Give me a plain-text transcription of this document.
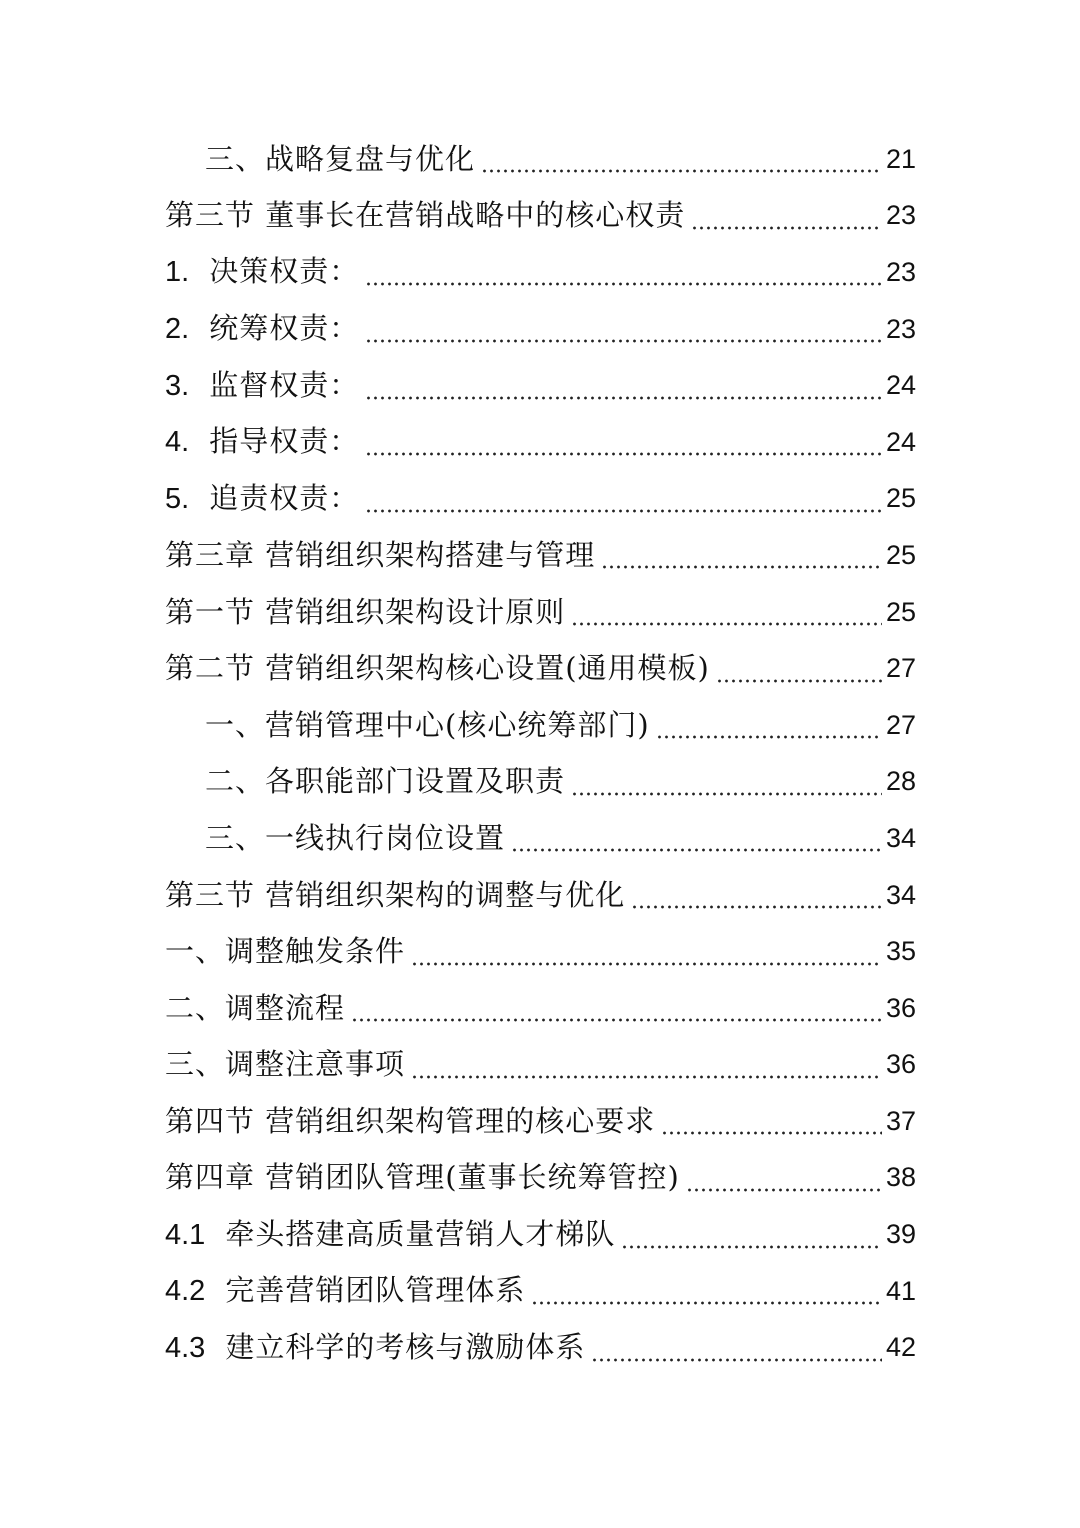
三、战略复盘与优化	21
第三节 董事长在营销战略中的核心权责	23
1. 决策权责：	23
2. 统筹权责：	23
3. 监督权责：	24
4. 指导权责：	24
5. 追责权责：	25
第三章 营销组织架构搭建与管理	25
第一节 营销组织架构设计原则	25
第二节 营销组织架构核心设置(通用模板)	27
一、营销管理中心(核心统筹部门)	27
二、各职能部门设置及职责	28
三、一线执行岗位设置	34
第三节 营销组织架构的调整与优化	34
一、调整触发条件	35
二、调整流程	36
三、调整注意事项	36
第四节 营销组织架构管理的核心要求	37
第四章 营销团队管理(董事长统筹管控)	38
4.1 牵头搭建高质量营销人才梯队	39
4.2 完善营销团队管理体系	41
4.3 建立科学的考核与激励体系	42
